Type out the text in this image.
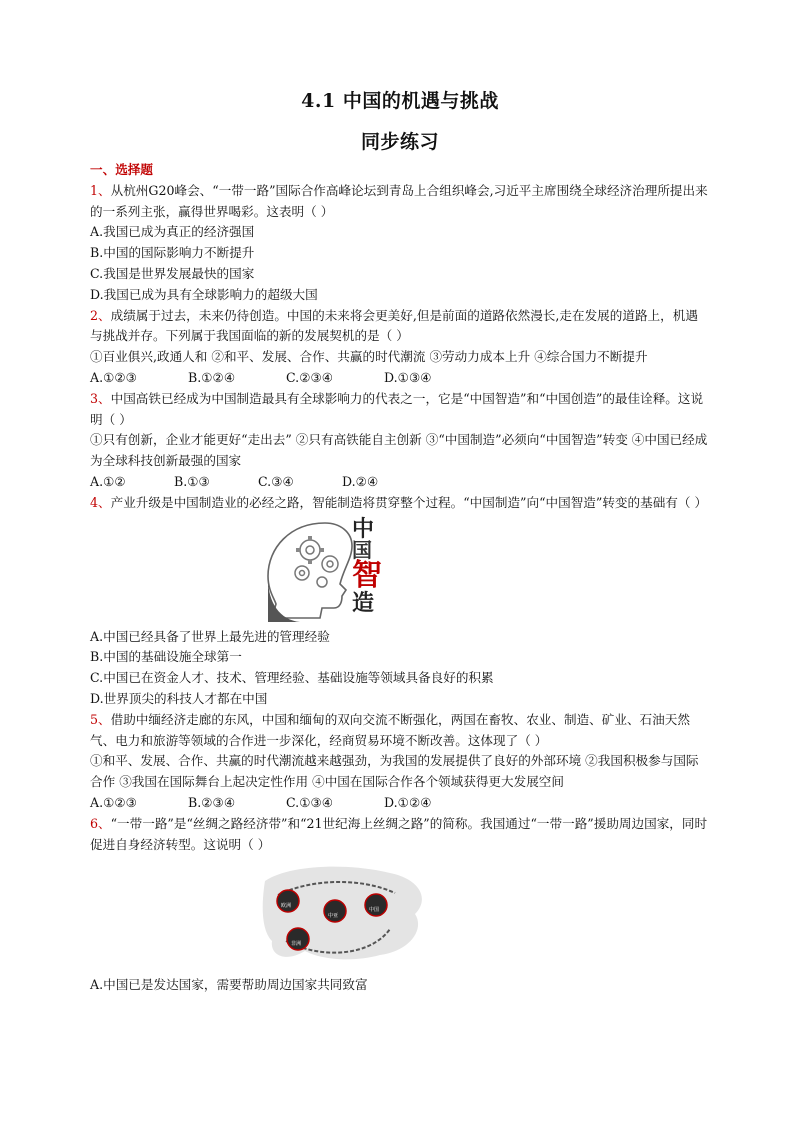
4.1 中国的机遇与挑战
同步练习

一、选择题

1、从杭州G20峰会、“一带一路”国际合作高峰论坛到青岛上合组织峰会,习近平主席围绕全球经济治理所提出来的一系列主张，赢得世界喝彩。这表明（ ）

A.我国已成为真正的经济强国

B.中国的国际影响力不断提升

C.我国是世界发展最快的国家

D.我国已成为具有全球影响力的超级大国

2、成绩属于过去，未来仍待创造。中国的未来将会更美好,但是前面的道路依然漫长,走在发展的道路上，机遇与挑战并存。下列属于我国面临的新的发展契机的是（ ）

①百业俱兴,政通人和 ②和平、发展、合作、共赢的时代潮流 ③劳动力成本上升 ④综合国力不断提升

A.①②③	B.①②④	C.②③④	D.①③④

3、中国高铁已经成为中国制造最具有全球影响力的代表之一，它是“中国智造”和“中国创造”的最佳诠释。这说明（ ）

①只有创新，企业才能更好“走出去” ②只有高铁能自主创新 ③“中国制造”必须向“中国智造”转变 ④中国已经成为全球科技创新最强的国家

A.①②	B.①③	C.③④	D.②④

4、产业升级是中国制造业的必经之路，智能制造将贯穿整个过程。“中国制造”向“中国智造”转变的基础有（ ）

中
国
智
造

A.中国已经具备了世界上最先进的管理经验

B.中国的基础设施全球第一

C.中国已在资金人才、技术、管理经验、基础设施等领域具备良好的积累

D.世界顶尖的科技人才都在中国

5、借助中缅经济走廊的东风，中国和缅甸的双向交流不断强化，两国在畜牧、农业、制造、矿业、石油天然气、电力和旅游等领域的合作进一步深化，经商贸易环境不断改善。这体现了（ ）

①和平、发展、合作、共赢的时代潮流越来越强劲，为我国的发展提供了良好的外部环境 ②我国积极参与国际合作 ③我国在国际舞台上起决定性作用 ④中国在国际合作各个领域获得更大发展空间

A.①②③	B.②③④	C.①③④	D.①②④

6、“一带一路”是“丝绸之路经济带”和“21世纪海上丝绸之路”的简称。我国通过“一带一路”援助周边国家，同时促进自身经济转型。这说明（ ）

欧洲
中亚
中国
非洲

A.中国已是发达国家，需要帮助周边国家共同致富
